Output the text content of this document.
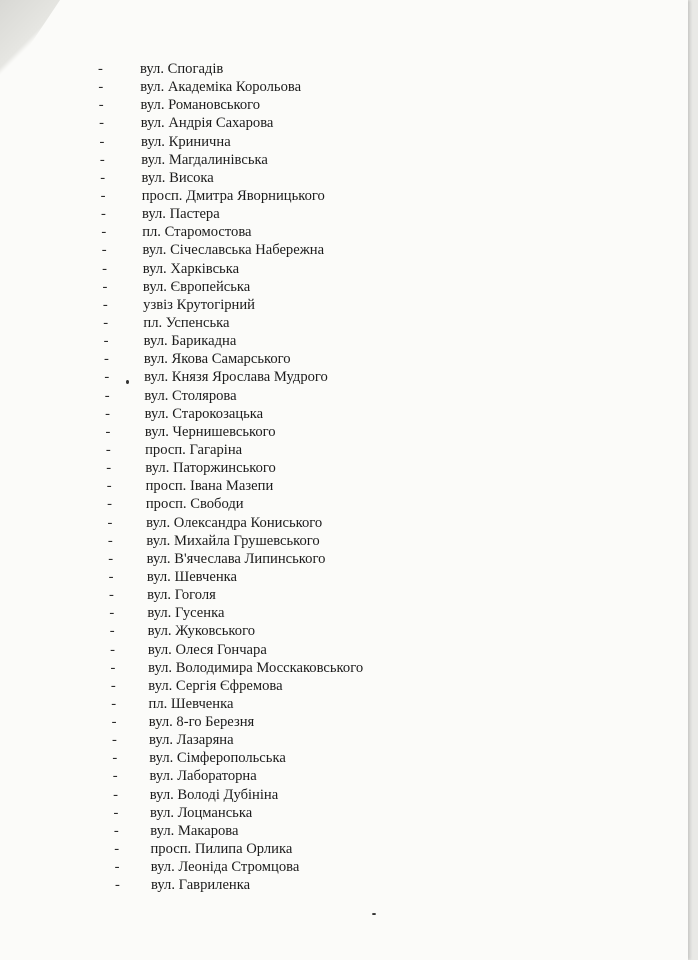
-	вул. Спогадів
-	вул. Академіка Корольова
-	вул. Романовського
-	вул. Андрія Сахарова
-	вул. Кринична
- вул. Магдалинівська
- вул. Висока
- просп. Дмитра Яворницького
- вул. Пастера
- пл. Старомостова
- вул. Січеславська Набережна
- вул. Харківська
- вул. Європейська
- узвіз Крутогірний
- пл. Успенська
- вул. Барикадна
- вул. Якова Самарського
- вул. Князя Ярослава Мудрого
- вул. Столярова
- вул. Старокозацька
- вул. Чернишевського
- просп. Гагаріна
- вул. Паторжинського
- просп. Івана Мазепи
- просп. Свободи
- вул. Олександра Кониського
- вул. Михайла Грушевського
- вул. В'ячеслава Липинського
- вул. Шевченка
- вул. Гоголя
- вул. Гусенка
- вул. Жуковського
- вул. Олеся Гончара
- вул. Володимира Мосскаковського
- вул. Сергія Єфремова
- пл. Шевченка
- вул. 8-го Березня
- вул. Лазаряна
- вул. Сімферопольська
- вул. Лабораторна
- вул. Володі Дубініна
- вул. Лоцманська
- вул. Макарова
- просп. Пилипа Орлика
- вул. Леоніда Стромцова
- вул. Гавриленка
